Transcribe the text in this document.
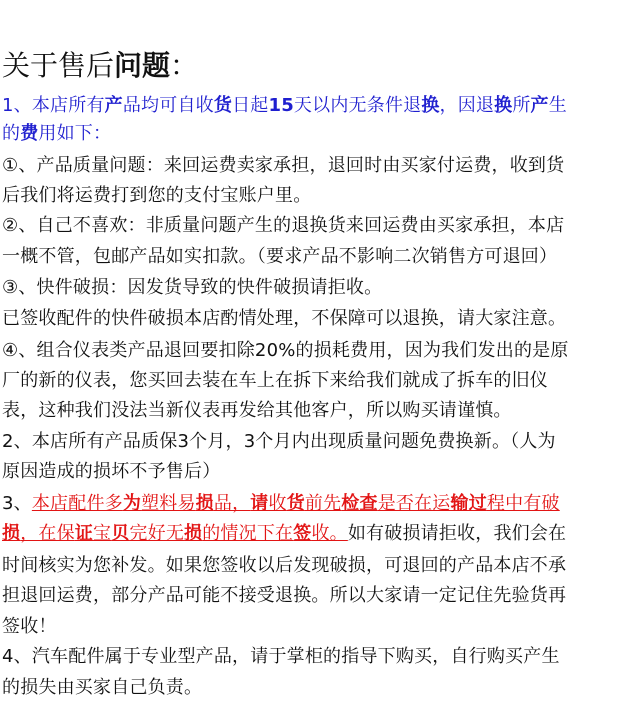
关于售后问题：
1、本店所有产品均可自收货日起15天以内无条件退换，因退换所产生
的费用如下：
①、产品质量问题：来回运费卖家承担，退回时由买家付运费，收到货
后我们将运费打到您的支付宝账户里。
②、自己不喜欢：非质量问题产生的退换货来回运费由买家承担，本店
一概不管，包邮产品如实扣款。（要求产品不影响二次销售方可退回）
③、快件破损：因发货导致的快件破损请拒收。
已签收配件的快件破损本店酌情处理，不保障可以退换，请大家注意。
④、组合仪表类产品退回要扣除20%的损耗费用，因为我们发出的是原
厂的新的仪表，您买回去装在车上在拆下来给我们就成了拆车的旧仪
表，这种我们没法当新仪表再发给其他客户，所以购买请谨慎。
2、本店所有产品质保3个月，3个月内出现质量问题免费换新。（人为
原因造成的损坏不予售后）
3、本店配件多为塑料易损品，请收货前先检查是否在运输过程中有破
损，在保证宝贝完好无损的情况下在签收。如有破损请拒收，我们会在
时间核实为您补发。如果您签收以后发现破损，可退回的产品本店不承
担退回运费，部分产品可能不接受退换。所以大家请一定记住先验货再
签收！
4、汽车配件属于专业型产品，请于掌柜的指导下购买，自行购买产生
的损失由买家自己负责。
